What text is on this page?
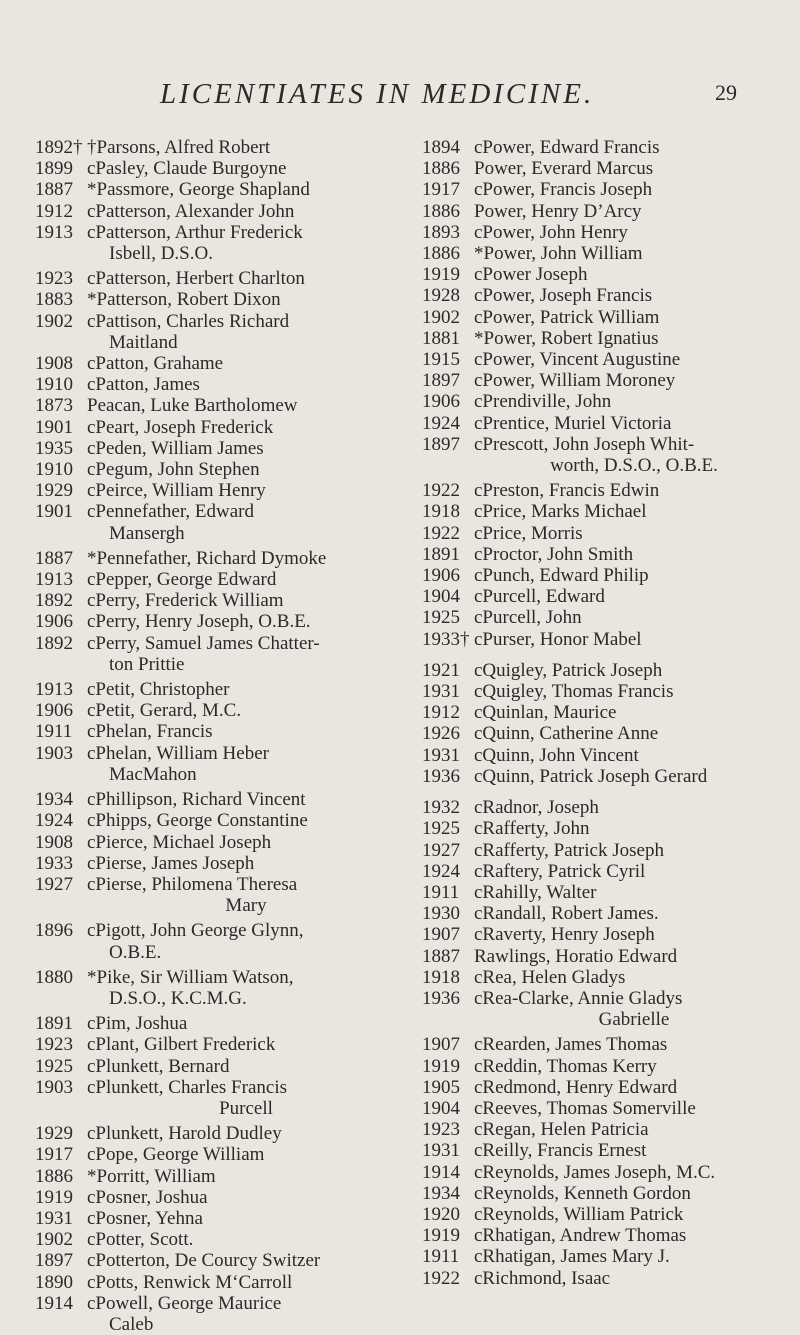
LICENTIATES IN MEDICINE.	29
1892† †Parsons, Alfred Robert
1899 cPasley, Claude Burgoyne
1887 *Passmore, George Shapland
1912 cPatterson, Alexander John
1913 cPatterson, Arthur Frederick
Isbell, D.S.O.
1923 cPatterson, Herbert Charlton
1883 *Patterson, Robert Dixon
1902 cPattison, Charles Richard
Maitland
1908 cPatton, Grahame
1910 cPatton, James
1873 Peacan, Luke Bartholomew
1901 cPeart, Joseph Frederick
1935 cPeden, William James
1910 cPegum, John Stephen
1929 cPeirce, William Henry
1901 cPennefather, Edward
Mansergh
1887 *Pennefather, Richard Dymoke
1913 cPepper, George Edward
1892 cPerry, Frederick William
1906 cPerry, Henry Joseph, O.B.E.
1892 cPerry, Samuel James Chatter-
ton Prittie
1913 cPetit, Christopher
1906 cPetit, Gerard, M.C.
1911 cPhelan, Francis
1903 cPhelan, William Heber
MacMahon
1934 cPhillipson, Richard Vincent
1924 cPhipps, George Constantine
1908 cPierce, Michael Joseph
1933 cPierse, James Joseph
1927 cPierse, Philomena Theresa
Mary
1896 cPigott, John George Glynn,
O.B.E.
1880 *Pike, Sir William Watson,
D.S.O., K.C.M.G.
1891 cPim, Joshua
1923 cPlant, Gilbert Frederick
1925 cPlunkett, Bernard
1903 cPlunkett, Charles Francis
Purcell
1929 cPlunkett, Harold Dudley
1917 cPope, George William
1886 *Porritt, William
1919 cPosner, Joshua
1931 cPosner, Yehna
1902 cPotter, Scott.
1897 cPotterton, De Courcy Switzer
1890 cPotts, Renwick M‘Carroll
1914 cPowell, George Maurice
Caleb
1894 cPower, Edward Francis
1886 Power, Everard Marcus
1917 cPower, Francis Joseph
1886 Power, Henry D’Arcy
1893 cPower, John Henry
1886 *Power, John William
1919 cPower Joseph
1928 cPower, Joseph Francis
1902 cPower, Patrick William
1881 *Power, Robert Ignatius
1915 cPower, Vincent Augustine
1897 cPower, William Moroney
1906 cPrendiville, John
1924 cPrentice, Muriel Victoria
1897 cPrescott, John Joseph Whit-
worth, D.S.O., O.B.E.
1922 cPreston, Francis Edwin
1918 cPrice, Marks Michael
1922 cPrice, Morris
1891 cProctor, John Smith
1906 cPunch, Edward Philip
1904 cPurcell, Edward
1925 cPurcell, John
1933† cPurser, Honor Mabel
1921 cQuigley, Patrick Joseph
1931 cQuigley, Thomas Francis
1912 cQuinlan, Maurice
1926 cQuinn, Catherine Anne
1931 cQuinn, John Vincent
1936 cQuinn, Patrick Joseph Gerard
1932 cRadnor, Joseph
1925 cRafferty, John
1927 cRafferty, Patrick Joseph
1924 cRaftery, Patrick Cyril
1911 cRahilly, Walter
1930 cRandall, Robert James.
1907 cRaverty, Henry Joseph
1887 Rawlings, Horatio Edward
1918 cRea, Helen Gladys
1936 cRea-Clarke, Annie Gladys
Gabrielle
1907 cRearden, James Thomas
1919 cReddin, Thomas Kerry
1905 cRedmond, Henry Edward
1904 cReeves, Thomas Somerville
1923 cRegan, Helen Patricia
1931 cReilly, Francis Ernest
1914 cReynolds, James Joseph, M.C.
1934 cReynolds, Kenneth Gordon
1920 cReynolds, William Patrick
1919 cRhatigan, Andrew Thomas
1911 cRhatigan, James Mary J.
1922 cRichmond, Isaac
